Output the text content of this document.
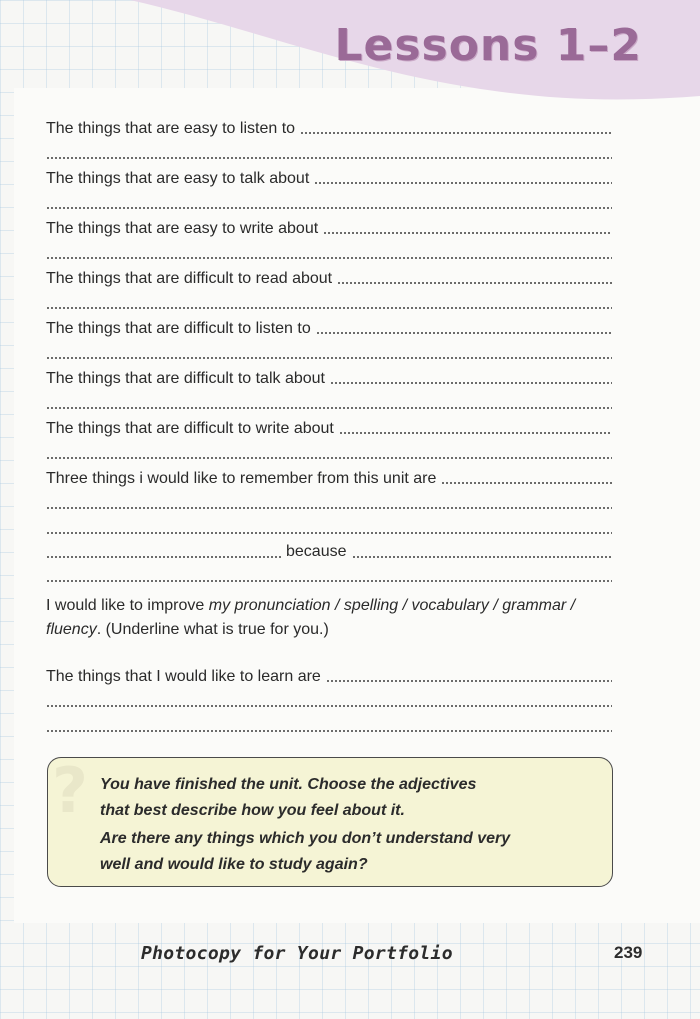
Lessons 1–2
The things that are easy to listen to
The things that are easy to talk about
The things that are easy to write about
The things that are difficult to read about
The things that are difficult to listen to
The things that are difficult to talk about
The things that are difficult to write about
Three things i would like to remember from this unit are
because
I would like to improve my pronunciation / spelling / vocabulary / grammar / fluency. (Underline what is true for you.)
The things that I would like to learn are
? You have finished the unit. Choose the adjectives
that best describe how you feel about it.
Are there any things which you don’t understand very
well and would like to study again?
Photocopy for Your Portfolio	239
